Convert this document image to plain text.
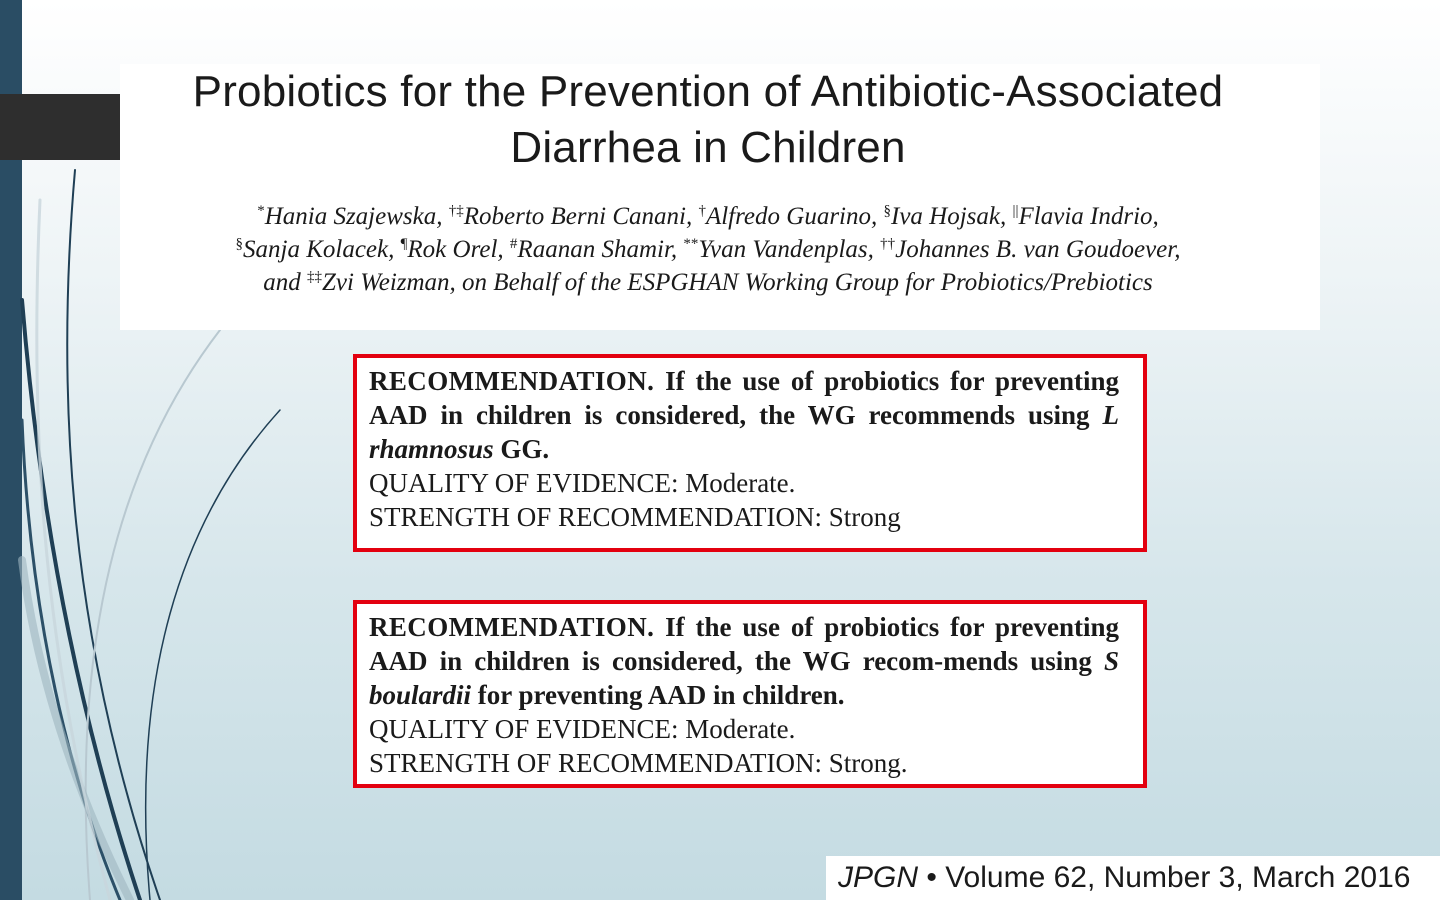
Probiotics for the Prevention of Antibiotic-Associated
Diarrhea in Children
*Hania Szajewska, †‡Roberto Berni Canani, †Alfredo Guarino, §Iva Hojsak, ||Flavia Indrio,
§Sanja Kolacek, ¶Rok Orel, #Raanan Shamir, **Yvan Vandenplas, ††Johannes B. van Goudoever,
and ‡‡Zvi Weizman, on Behalf of the ESPGHAN Working Group for Probiotics/Prebiotics
RECOMMENDATION. If the use of probiotics for preventing AAD in children is considered, the WG recommends using L rhamnosus GG.
QUALITY OF EVIDENCE: Moderate.
STRENGTH OF RECOMMENDATION: Strong
RECOMMENDATION. If the use of probiotics for preventing AAD in children is considered, the WG recom-mends using S boulardii for preventing AAD in children.
QUALITY OF EVIDENCE: Moderate.
STRENGTH OF RECOMMENDATION: Strong.
JPGN • Volume 62, Number 3, March 2016
